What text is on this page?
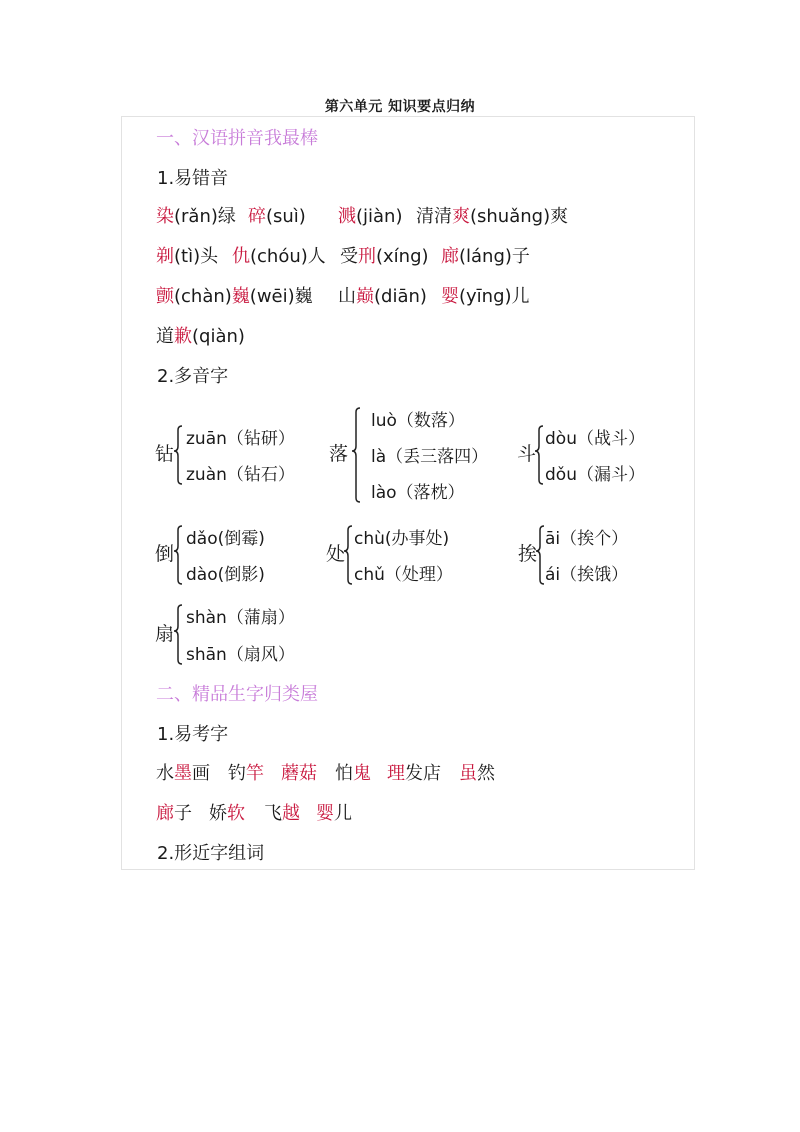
第六单元 知识要点归纳
一、汉语拼音我最棒
1.易错音
染(rǎn)绿 碎(suì) 溅(jiàn) 清清爽(shuǎng)爽
剃(tì)头 仇(chóu)人 受刑(xíng) 廊(láng)子
颤(chàn)巍(wēi)巍 山巅(diān) 婴(yīng)儿
道歉(qiàn)
2.多音字
钻
zuān（钻研）
zuàn（钻石）
落
luò（数落）
là（丢三落四）
lào（落枕）
斗
dòu（战斗）
dǒu（漏斗）
倒
dǎo(倒霉)
dào(倒影)
处
chù(办事处)
chǔ（处理）
挨
āi（挨个）
ái（挨饿）
扇
shàn（蒲扇）
shān（扇风）
二、精品生字归类屋
1.易考字
水墨画 钓竿 蘑菇 怕鬼 理发店 虽然
廊子 娇软 飞越 婴儿
2.形近字组词
